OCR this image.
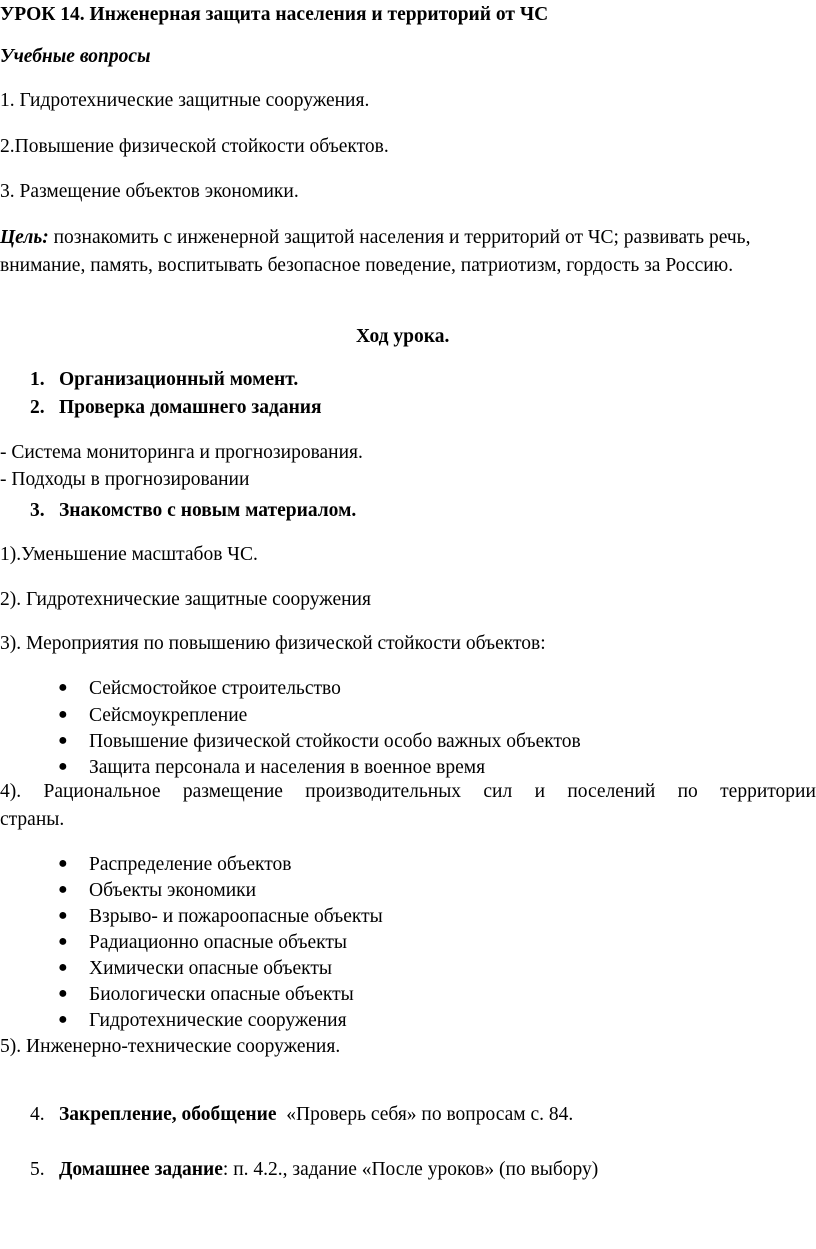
УРОК 14. Инженерная защита населения и территорий от ЧС
Учебные вопросы
1. Гидротехнические защитные сооружения.
2.Повышение физической стойкости объектов.
3. Размещение объектов экономики.
Цель: познакомить с инженерной защитой населения и территорий от ЧС; развивать речь,
внимание, память, воспитывать безопасное поведение, патриотизм, гордость за Россию.
Ход урока.
1. Организационный момент.
2. Проверка домашнего задания
- Система мониторинга и прогнозирования.
- Подходы в прогнозировании
3. Знакомство с новым материалом.
1).Уменьшение масштабов ЧС.
2). Гидротехнические защитные сооружения
3). Мероприятия по повышению физической стойкости объектов:
● Сейсмостойкое строительство
● Сейсмоукрепление
● Повышение физической стойкости особо важных объектов
● Защита персонала и населения в военное время
4). Рациональное размещение производительных сил и поселений по территории
страны.
● Распределение объектов
● Объекты экономики
● Взрыво- и пожароопасные объекты
● Радиационно опасные объекты
● Химически опасные объекты
● Биологически опасные объекты
● Гидротехнические сооружения
5). Инженерно-технические сооружения.
4. Закрепление, обобщение «Проверь себя» по вопросам с. 84.
5. Домашнее задание: п. 4.2., задание «После уроков» (по выбору)
